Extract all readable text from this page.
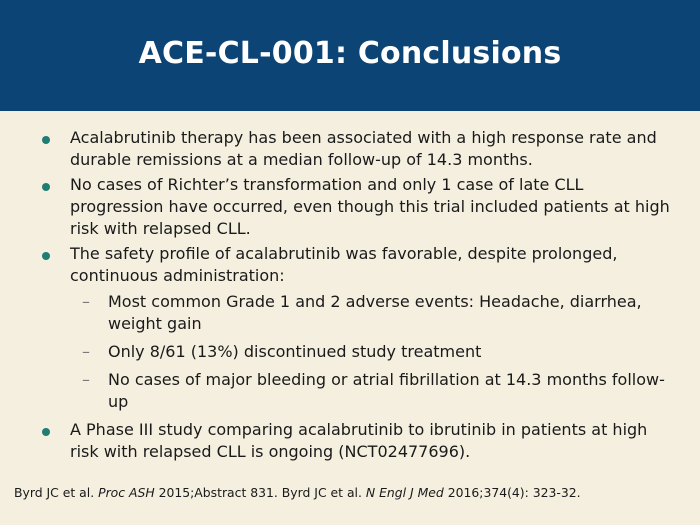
ACE-CL-001: Conclusions
Acalabrutinib therapy has been associated with a high response rate and durable remissions at a median follow-up of 14.3 months.
No cases of Richter’s transformation and only 1 case of late CLL progression have occurred, even though this trial included patients at high risk with relapsed CLL.
The safety profile of acalabrutinib was favorable, despite prolonged, continuous administration:
– Most common Grade 1 and 2 adverse events: Headache, diarrhea, weight gain
– Only 8/61 (13%) discontinued study treatment
– No cases of major bleeding or atrial fibrillation at 14.3 months follow-up
A Phase III study comparing acalabrutinib to ibrutinib in patients at high risk with relapsed CLL is ongoing (NCT02477696).
Byrd JC et al. Proc ASH 2015;Abstract 831. Byrd JC et al. N Engl J Med 2016;374(4): 323-32.
